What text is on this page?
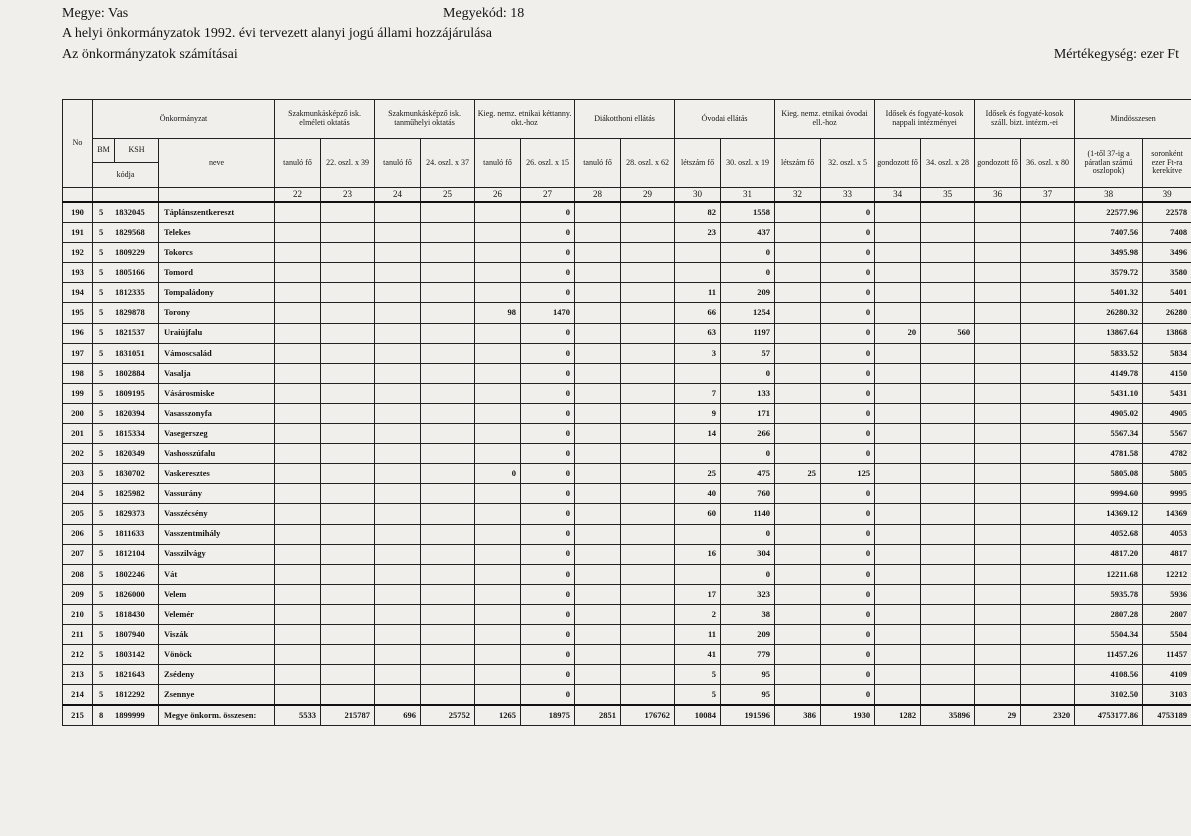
Megye: Vas	Megyekód: 18
A helyi önkormányzatok 1992. évi tervezett alanyi jogú állami hozzájárulása
Az önkormányzatok számításai	Mértékegység: ezer Ft
No	Önkormányzat		Szakmunkásképző isk. elméleti oktatás		Szakmunkásképző isk. tanműhelyi oktatás		Kieg. nemz. etnikai kéttanny. okt.-hoz		Diákotthoni ellátás		Óvodai ellátás		Kieg. nemz. etnikai óvodai ell.-hoz		Idősek és fogyaté-kosok nappali intézményei		Idősek és fogyaté-kosok száll. bizt. intézm.-ei		Mindösszesen	

BM KSH
kódja	neve	tanuló fő	22. oszl. x 39	tanuló fő	24. oszl. x 37	tanuló fő	26. oszl. x 15	tanuló fő	28. oszl. x 62	létszám fő	30. oszl. x 19	létszám fő	32. oszl. x 5	gondozott fő	34. oszl. x 28	gondozott fő	36. oszl. x 80	(1-től 37-ig a páratlan számú oszlopok)	soronként ezer Ft-ra kerekítve
			22	23	24	25	26	27	28	29	30	31	32	33	34	35	36	37	38	39
190	5 1832045	Táplánszentkereszt						0			82	1558		0					22577.96	22578
191	5 1829568	Telekes						0			23	437		0					7407.56	7408
192	5 1809229	Tokorcs						0				0		0					3495.98	3496
193	5 1805166	Tomord						0				0		0					3579.72	3580
194	5 1812335	Tompaládony						0			11	209		0					5401.32	5401
195	5 1829878	Torony					98	1470			66	1254		0					26280.32	26280
196	5 1821537	Uraiújfalu						0			63	1197		0	20	560			13867.64	13868
197	5 1831051	Vámoscsalád						0			3	57		0					5833.52	5834
198	5 1802884	Vasalja						0				0		0					4149.78	4150
199	5 1809195	Vásárosmiske						0			7	133		0					5431.10	5431
200	5 1820394	Vasasszonyfa						0			9	171		0					4905.02	4905
201	5 1815334	Vasegerszeg						0			14	266		0					5567.34	5567
202	5 1820349	Vashosszúfalu						0				0		0					4781.58	4782
203	5 1830702	Vaskeresztes					0	0			25	475	25	125					5805.08	5805
204	5 1825982	Vassurány						0			40	760		0					9994.60	9995
205	5 1829373	Vasszécsény						0			60	1140		0					14369.12	14369
206	5 1811633	Vasszentmihály						0				0		0					4052.68	4053
207	5 1812104	Vasszilvágy						0			16	304		0					4817.20	4817
208	5 1802246	Vát						0				0		0					12211.68	12212
209	5 1826000	Velem						0			17	323		0					5935.78	5936
210	5 1818430	Velemér						0			2	38		0					2807.28	2807
211	5 1807940	Viszák						0			11	209		0					5504.34	5504
212	5 1803142	Vönöck						0			41	779		0					11457.26	11457
213	5 1821643	Zsédeny						0			5	95		0					4108.56	4109
214	5 1812292	Zsennye						0			5	95		0					3102.50	3103
215	8 1899999	Megye önkorm. összesen:	5533	215787	696	25752	1265	18975	2851	176762	10084	191596	386	1930	1282	35896	29	2320	4753177.86	4753189
